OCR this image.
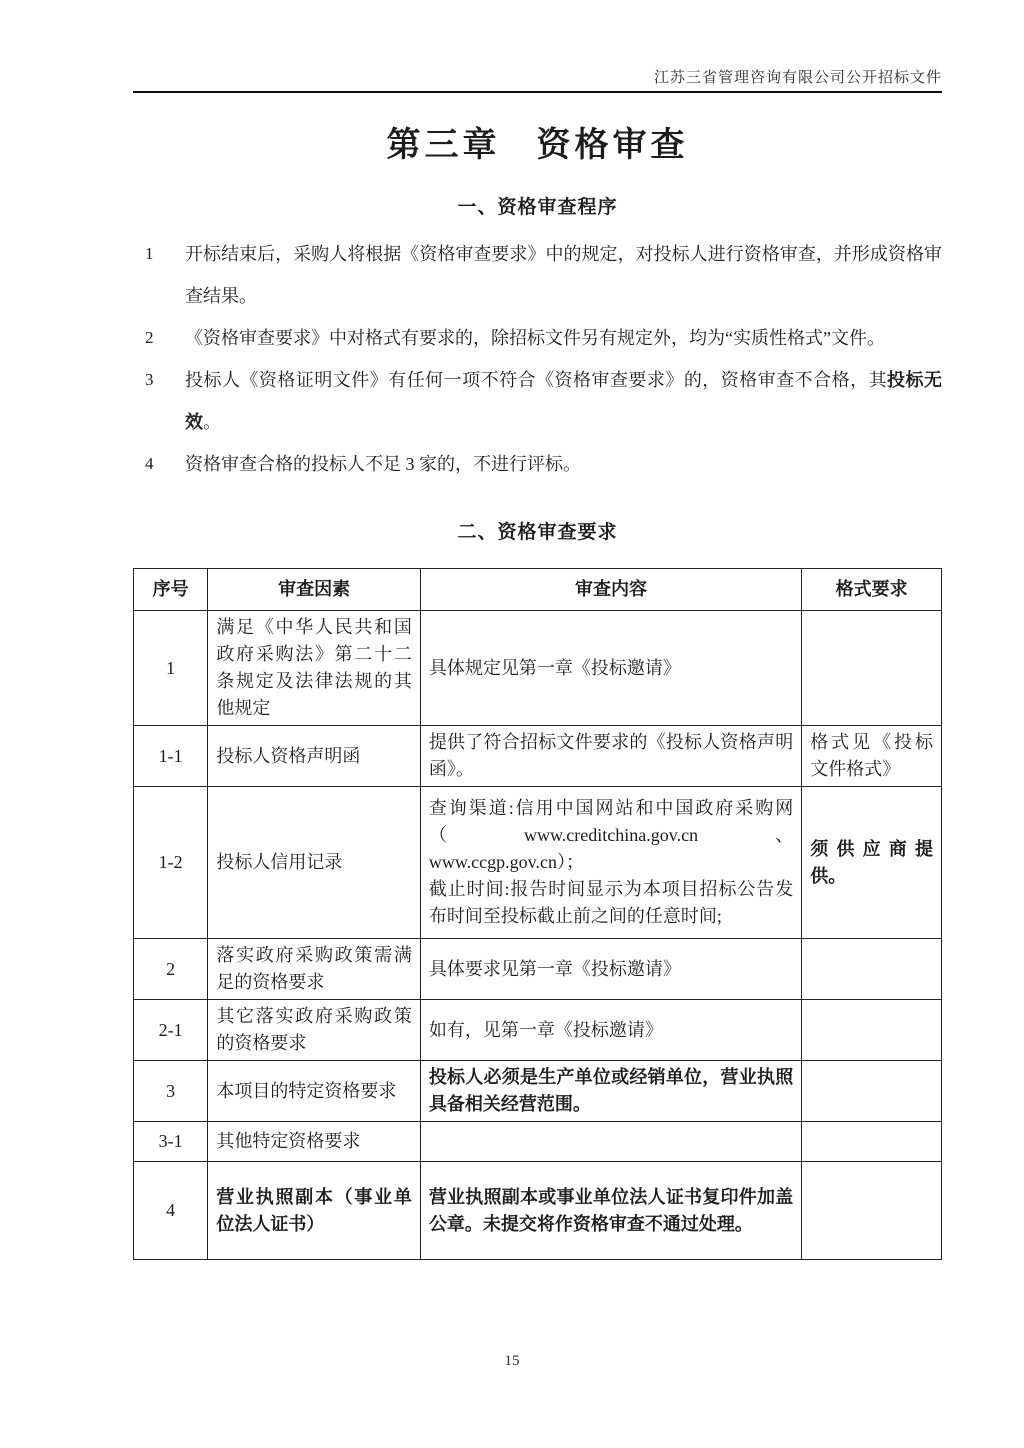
江苏三省管理咨询有限公司公开招标文件
第三章 资格审查
一、资格审查程序
1	开标结束后，采购人将根据《资格审查要求》中的规定，对投标人进行资格审查，并形成资格审查结果。
2	《资格审查要求》中对格式有要求的，除招标文件另有规定外，均为“实质性格式”文件。
3	投标人《资格证明文件》有任何一项不符合《资格审查要求》的，资格审查不合格，其投标无效。
4	资格审查合格的投标人不足 3 家的，不进行评标。
二、资格审查要求
序号	审查因素	审查内容	格式要求
1	满足《中华人民共和国政府采购法》第二十二条规定及法律法规的其他规定	具体规定见第一章《投标邀请》	
1-1	投标人资格声明函	提供了符合招标文件要求的《投标人资格声明函》。	格式见《投标文件格式》
1-2	投标人信用记录	查询渠道:信用中国网站和中国政府采购网（www.creditchina.gov.cn、www.ccgp.gov.cn）；
截止时间:报告时间显示为本项目招标公告发布时间至投标截止前之间的任意时间;	须供应商提供。
2	落实政府采购政策需满足的资格要求	具体要求见第一章《投标邀请》	
2-1	其它落实政府采购政策的资格要求	如有，见第一章《投标邀请》	
3	本项目的特定资格要求	投标人必须是生产单位或经销单位，营业执照具备相关经营范围。	
3-1	其他特定资格要求		
4	营业执照副本（事业单位法人证书）	营业执照副本或事业单位法人证书复印件加盖公章。未提交将作资格审查不通过处理。	
15
